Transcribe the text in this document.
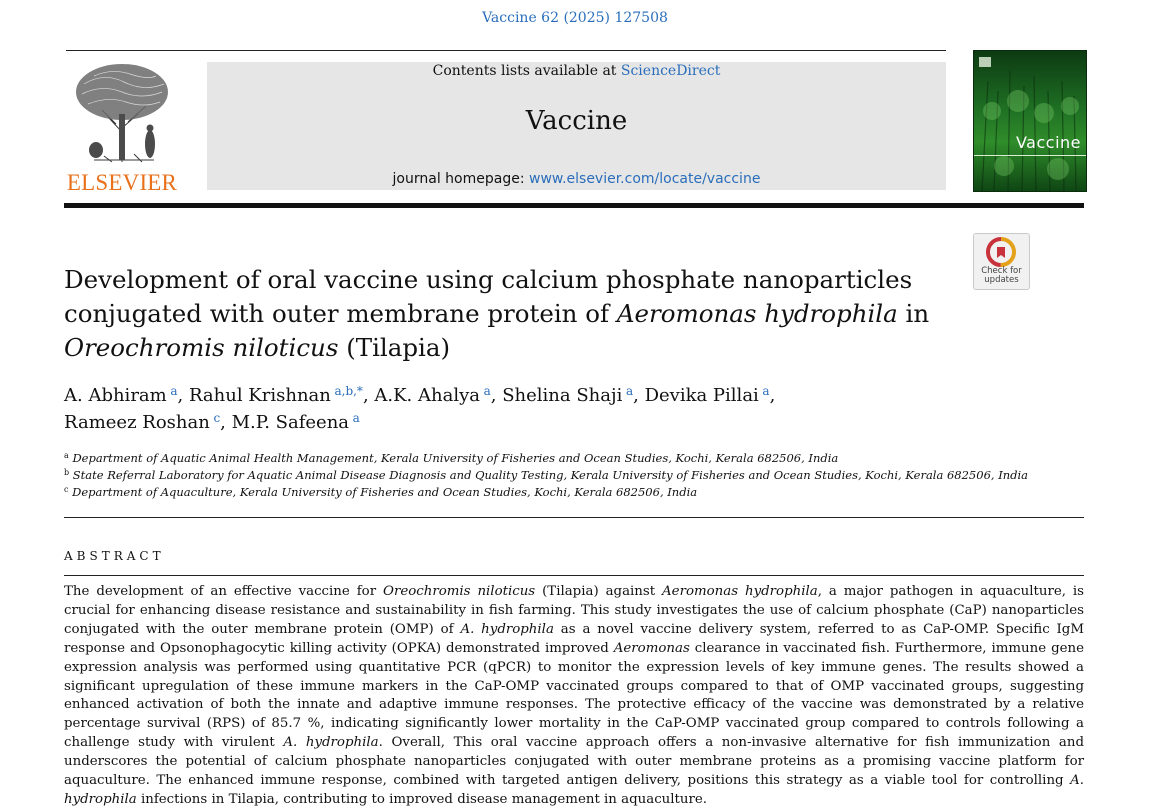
Vaccine 62 (2025) 127508
ELSEVIER
Contents lists available at ScienceDirect
Vaccine
journal homepage: www.elsevier.com/locate/vaccine
Vaccine
Check for
updates
Development of oral vaccine using calcium phosphate nanoparticles conjugated with outer membrane protein of Aeromonas hydrophila in Oreochromis niloticus (Tilapia)
A. Abhiram  $^a$, Rahul Krishnan  $^{a,b,*}$, A.K. Ahalya  $^a$, Shelina Shaji  $^a$, Devika Pillai  $^a$,
Rameez Roshan  $^c$, M.P. Safeena  $^a$
$^a$ Department of Aquatic Animal Health Management, Kerala University of Fisheries and Ocean Studies, Kochi, Kerala 682506, India
$^b$ State Referral Laboratory for Aquatic Animal Disease Diagnosis and Quality Testing, Kerala University of Fisheries and Ocean Studies, Kochi, Kerala 682506, India
$^c$ Department of Aquaculture, Kerala University of Fisheries and Ocean Studies, Kochi, Kerala 682506, India
ABSTRACT

The development of an effective vaccine for Oreochromis niloticus (Tilapia) against Aeromonas hydrophila, a major pathogen in aquaculture, is crucial for enhancing disease resistance and sustainability in fish farming. This study investigates the use of calcium phosphate (CaP) nanoparticles conjugated with the outer membrane protein (OMP) of A. hydrophila as a novel vaccine delivery system, referred to as CaP-OMP. Specific IgM response and Opsonophagocytic killing activity (OPKA) demonstrated improved Aeromonas clearance in vaccinated fish. Furthermore, immune gene expression analysis was performed using quantitative PCR (qPCR) to monitor the expression levels of key immune genes. The results showed a significant upregulation of these immune markers in the CaP-OMP vaccinated groups compared to that of OMP vaccinated groups, suggesting enhanced activation of both the innate and adaptive immune responses. The protective efficacy of the vaccine was demonstrated by a relative percentage survival (RPS) of 85.7 %, indicating significantly lower mortality in the CaP-OMP vaccinated group compared to controls following a challenge study with virulent A. hydrophila. Overall, This oral vaccine approach offers a non-invasive alternative for fish immunization and underscores the potential of calcium phosphate nanoparticles conjugated with outer membrane proteins as a promising vaccine platform for aquaculture. The enhanced immune response, combined with targeted antigen delivery, positions this strategy as a viable tool for controlling A. hydrophila infections in Tilapia, contributing to improved disease management in aquaculture.
